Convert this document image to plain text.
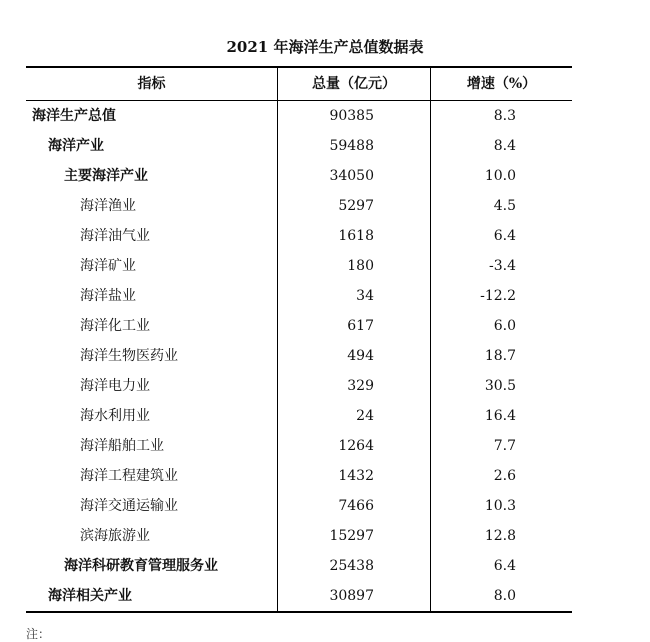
2021 年海洋生产总值数据表
指标	总量（亿元）	增速（%）
海洋生产总值	90385	8.3
海洋产业	59488	8.4
主要海洋产业	34050	10.0
海洋渔业	5297	4.5
海洋油气业	1618	6.4
海洋矿业	180	-3.4
海洋盐业	34	-12.2
海洋化工业	617	6.0
海洋生物医药业	494	18.7
海洋电力业	329	30.5
海水利用业	24	16.4
海洋船舶工业	1264	7.7
海洋工程建筑业	1432	2.6
海洋交通运输业	7466	10.3
滨海旅游业	15297	12.8
海洋科研教育管理服务业	25438	6.4
海洋相关产业	30897	8.0
注：
